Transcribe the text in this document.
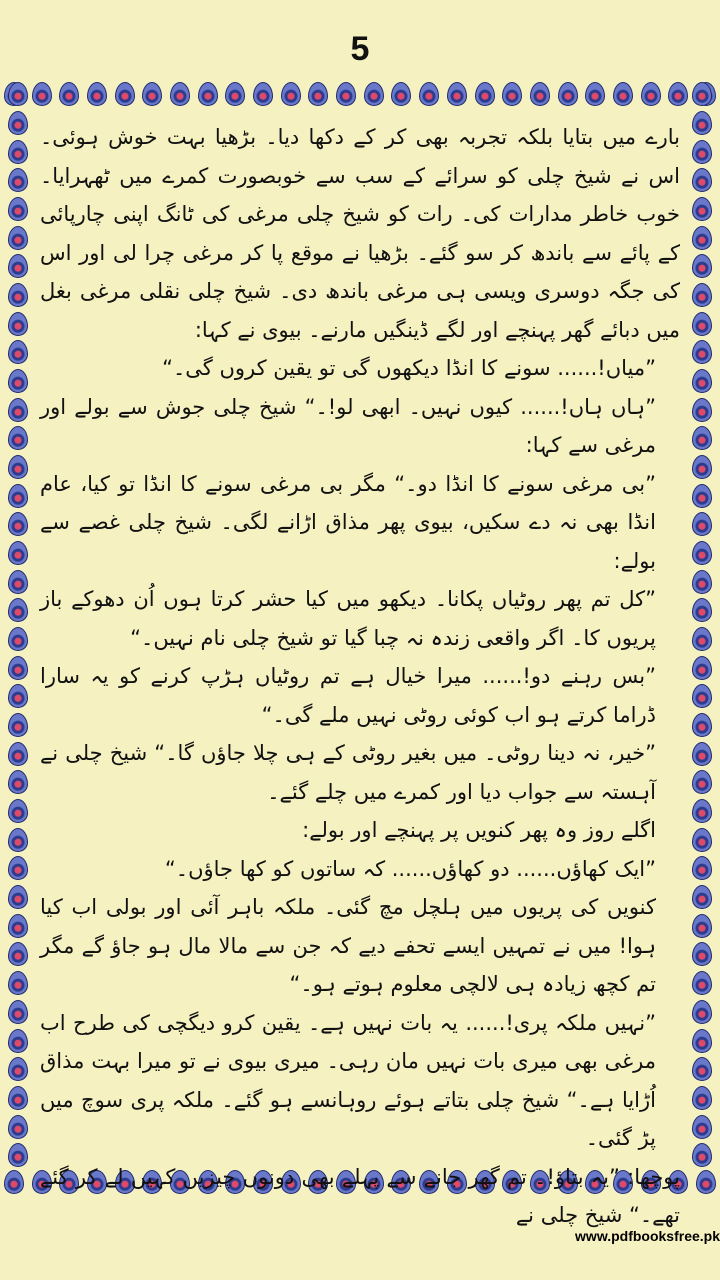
5

بارے میں بتایا بلکہ تجربہ بھی کر کے دکھا دیا۔ بڑھیا بہت خوش ہوئی۔ اس نے شیخ چلی کو سرائے کے سب سے خوبصورت کمرے میں ٹھہرایا۔ خوب خاطر مدارات کی۔ رات کو شیخ چلی مرغی کی ٹانگ اپنی چارپائی کے پائے سے باندھ کر سو گئے۔ بڑھیا نے موقع پا کر مرغی چرا لی اور اس کی جگہ دوسری ویسی ہی مرغی باندھ دی۔ شیخ چلی نقلی مرغی بغل میں دبائے گھر پہنچے اور لگے ڈینگیں مارنے۔ بیوی نے کہا:

”میاں!...... سونے کا انڈا دیکھوں گی تو یقین کروں گی۔“

”ہاں ہاں!...... کیوں نہیں۔ ابھی لو!۔“ شیخ چلی جوش سے بولے اور مرغی سے کہا:

”بی مرغی سونے کا انڈا دو۔“ مگر بی مرغی سونے کا انڈا تو کیا، عام انڈا بھی نہ دے سکیں، بیوی پھر مذاق اڑانے لگی۔ شیخ چلی غصے سے بولے:

”کل تم پھر روٹیاں پکانا۔ دیکھو میں کیا حشر کرتا ہوں اُن دھوکے باز پریوں کا۔ اگر واقعی زندہ نہ چبا گیا تو شیخ چلی نام نہیں۔“

”بس رہنے دو!...... میرا خیال ہے تم روٹیاں ہڑپ کرنے کو یہ سارا ڈراما کرتے ہو اب کوئی روٹی نہیں ملے گی۔“

”خیر، نہ دینا روٹی۔ میں بغیر روٹی کے ہی چلا جاؤں گا۔“ شیخ چلی نے آہستہ سے جواب دیا اور کمرے میں چلے گئے۔

اگلے روز وہ پھر کنویں پر پہنچے اور بولے:

”ایک کھاؤں...... دو کھاؤں...... کہ ساتوں کو کھا جاؤں۔“

کنویں کی پریوں میں ہلچل مچ گئی۔ ملکہ باہر آئی اور بولی اب کیا ہوا! میں نے تمہیں ایسے تحفے دیے کہ جن سے مالا مال ہو جاؤ گے مگر تم کچھ زیادہ ہی لالچی معلوم ہوتے ہو۔“

”نہیں ملکہ پری!...... یہ بات نہیں ہے۔ یقین کرو دیگچی کی طرح اب مرغی بھی میری بات نہیں مان رہی۔ میری بیوی نے تو میرا بہت مذاق اُڑایا ہے۔“ شیخ چلی بتاتے ہوئے روہانسے ہو گئے۔ ملکہ پری سوچ میں پڑ گئی۔

پوچھا: ”یہ بتاؤ!۔ تم گھر جانے سے پہلے بھی دونوں چیزیں کہیں لے کر گئے تھے۔“ شیخ چلی نے

www.pdfbooksfree.pk
